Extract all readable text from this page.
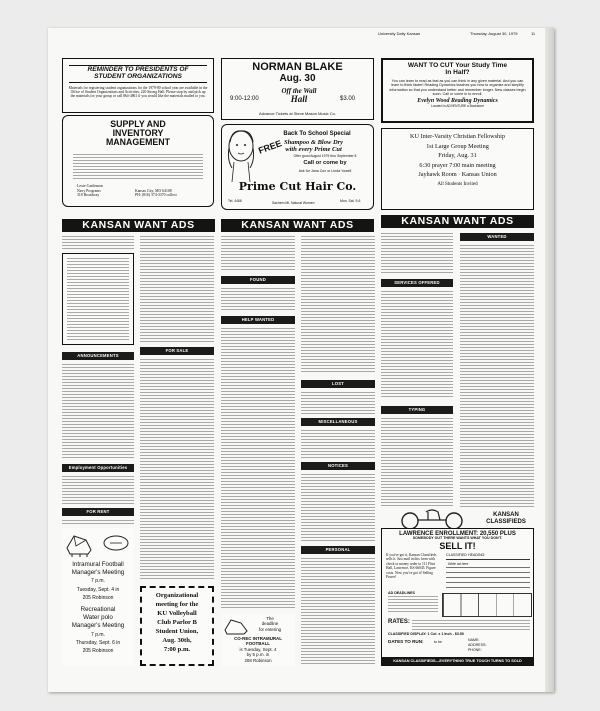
University Daily Kansan	Thursday, August 30, 1979	11
REMINDER TO PRESIDENTS OF
STUDENT ORGANIZATIONS
Materials for registering student organizations for the 1979-80 school year are available in the Office of Student Organizations and Activities, 220 Strong Hall. Please stop by and pick up the materials for your group or call 864-4861 if you would like the materials mailed to you.
SUPPLY AND
INVENTORY
MANAGEMENT
Lexie Castleman
Navy Programs
318 Broadway
Kansas City, MO 64108
PH: (816) 374-3370 collect
NORMAN BLAKE
Aug. 30
9:00-12:00
Off the Wall
Hall	$3.00
Advance Tickets at Steve Mason Music Co.
Back To School Special
FREE Shampoo & Blow Dry
with every Prime Cut
Offer good August 1979 thru September 8
Call or come by
Ask for Jana Cox or Linda Yowell
Prime Cut Hair Co.
Tel. 4466	Sachem Mt. Natural Women	Mon. Sat. 9-6
WANT TO CUT Your Study Time
In Half?
You can learn to read as fast as you can think in any given material. And you can learn to think faster! Reading Dynamics teaches you how to organize and simplify information so that you understand better and remember longer. New classes begin soon. Call or come in to enroll.
Evelyn Wood Reading Dynamics
Located in ADVENTURE a Bookstore
KU Inter-Varsity Christian Fellowship
1st Large Group Meeting
Friday, Aug. 31
6:30 prayer 7:00 main meeting
Jayhawk Room · Kansas Union
All Students Invited
KANSAN WANT ADS	KANSAN WANT ADS	KANSAN WANT ADS
ANNOUNCEMENTS
Employment Opportunities
FOR RENT
Intramural Football
Manager's Meeting
7 p.m.
Tuesday, Sept. 4 in
205 Robinson
Recreational
Water polo
Manager's Meeting
7 p.m.
Thursday, Sept. 6 in
205 Robinson
FOR SALE
Organizational
meeting for the
KU Volleyball
Club Parlor B
Student Union,
Aug. 30th,
7:00 p.m.
FOUND
HELP WANTED
The
deadline
for entering
CO-REC INTRAMURAL
FOOTBALL
is Tuesday, Sept. 4
by 5 p.m. in
208 Robinson
LOST
MISCELLANEOUS
NOTICES
PERSONAL
SERVICES OFFERED
TYPING
WANTED
KANSAN
CLASSIFIEDS
LAWRENCE ENROLLMENT: 20,550 PLUS
SOMEBODY OUT THERE WANTS WHAT YOU DON'T.
SELL IT!
If you've got it, Kansan Classifieds sells it. Just mail in this form with check or money order to 111 Flint Hall, Lawrence, KS 66045. Figure costs. Now you've got it! Selling Power!
CLASSIFIED HEADING:
Write ad here
AD DEADLINES
RATES:
CLASSIFIED DISPLAY: 1 Col. x 1 Inch - $3.50
DATES TO RUN:	to be	NAME:
ADDRESS:
PHONE:
KANSAN CLASSIFIEDS—EVERYTHING TRUE TOUCH TURNS TO SOLD
